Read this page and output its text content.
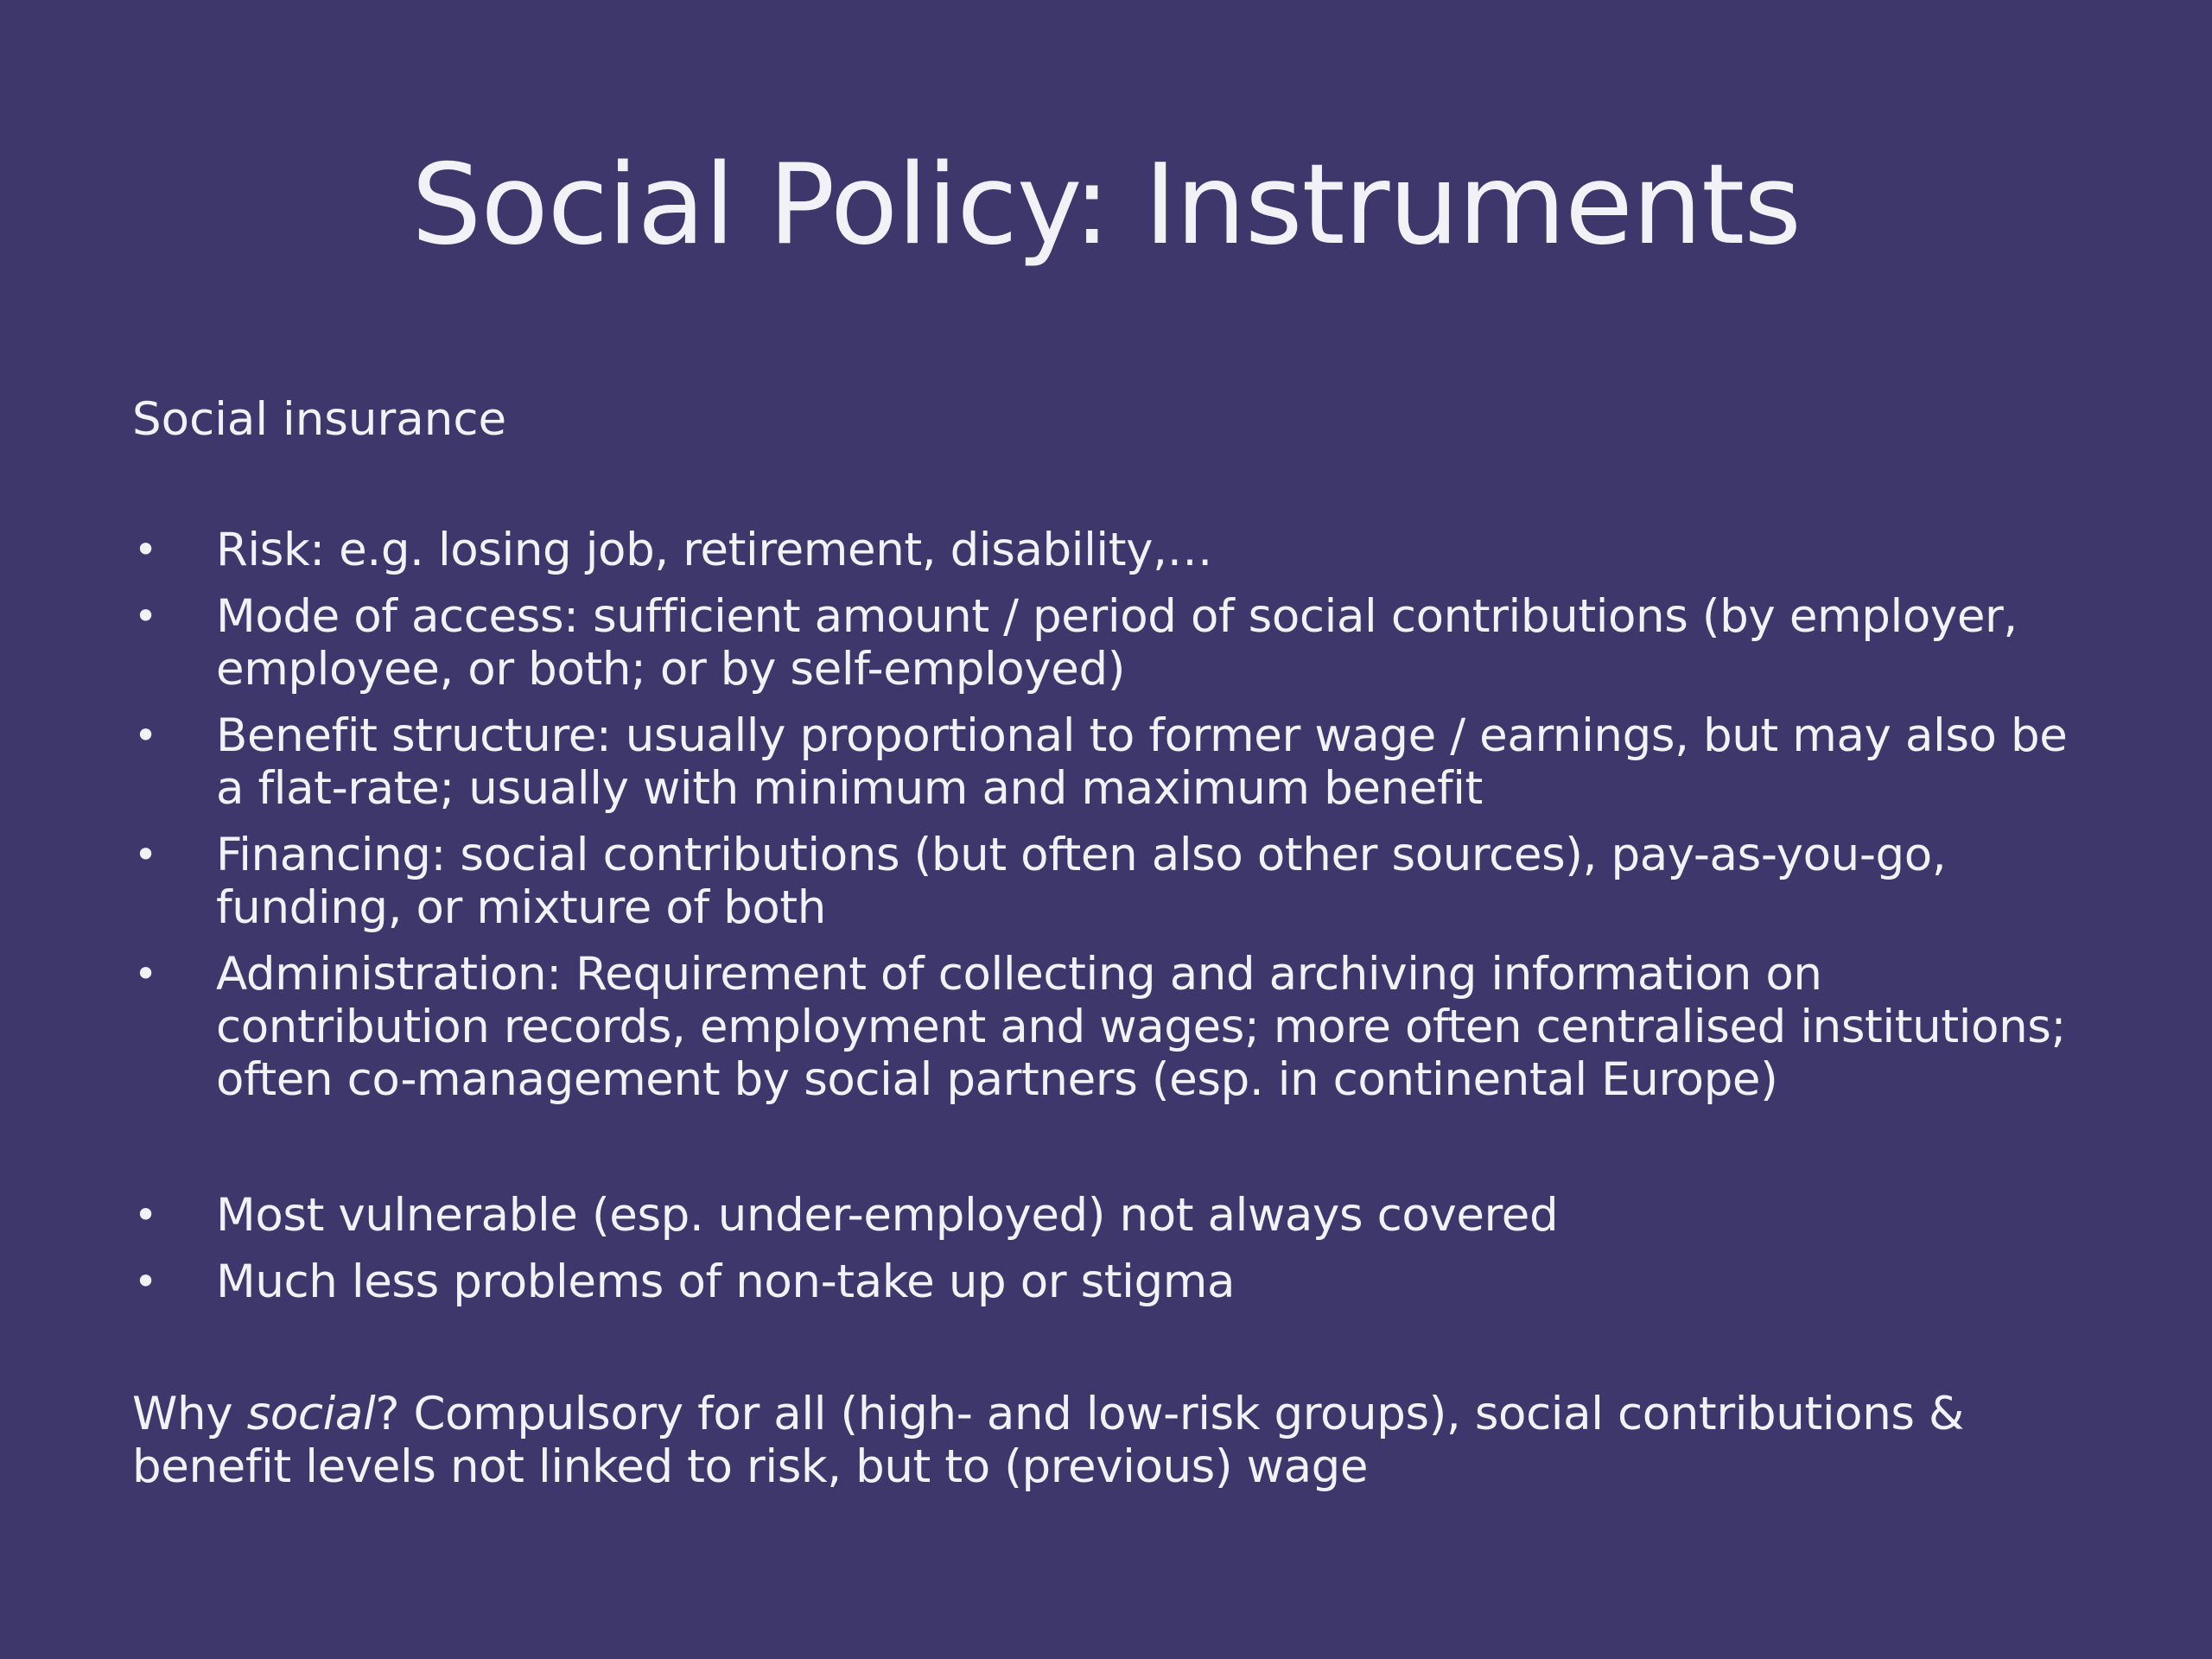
Social Policy: Instruments
Social insurance
• Risk: e.g. losing job, retirement, disability,…
• Mode of access: sufficient amount / period of social contributions (by employer, employee, or both; or by self-employed)
• Benefit structure: usually proportional to former wage / earnings, but may also be a flat-rate; usually with minimum and maximum benefit
• Financing: social contributions (but often also other sources), pay-as-you-go, funding, or mixture of both
• Administration: Requirement of collecting and archiving information on contribution records, employment and wages; more often centralised institutions; often co-management by social partners (esp. in continental Europe)
• Most vulnerable (esp. under-employed) not always covered
• Much less problems of non-take up or stigma
Why social? Compulsory for all (high- and low-risk groups), social contributions & benefit levels not linked to risk, but to (previous) wage
